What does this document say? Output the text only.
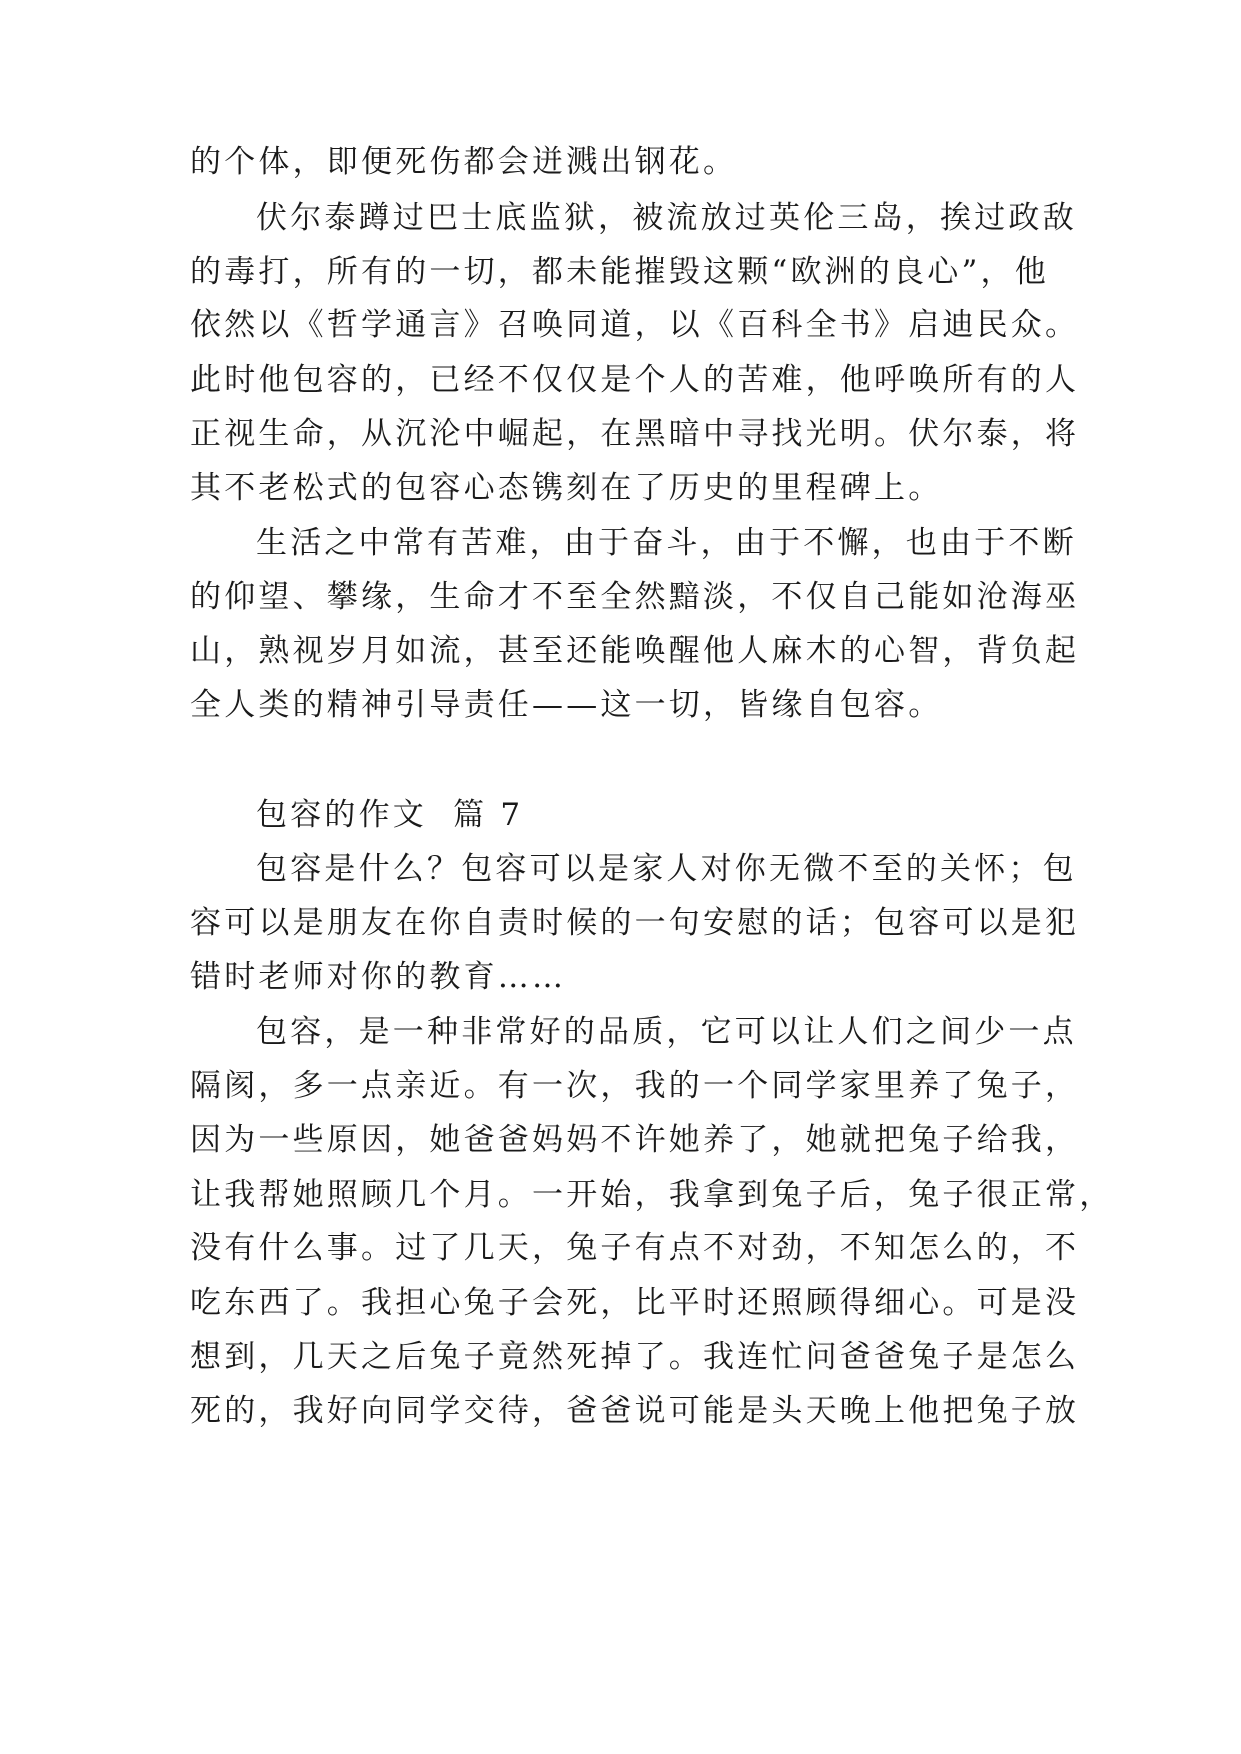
的个体，即便死伤都会迸溅出钢花。
伏尔泰蹲过巴士底监狱，被流放过英伦三岛，挨过政敌
的毒打，所有的一切，都未能摧毁这颗“欧洲的良心”，他
依然以《哲学通言》召唤同道，以《百科全书》启迪民众。
此时他包容的，已经不仅仅是个人的苦难，他呼唤所有的人
正视生命，从沉沦中崛起，在黑暗中寻找光明。伏尔泰，将
其不老松式的包容心态镌刻在了历史的里程碑上。
生活之中常有苦难，由于奋斗，由于不懈，也由于不断
的仰望、攀缘，生命才不至全然黯淡，不仅自己能如沧海巫
山，熟视岁月如流，甚至还能唤醒他人麻木的心智，背负起
全人类的精神引导责任——这一切，皆缘自包容。
包容的作文  篇 7
包容是什么？包容可以是家人对你无微不至的关怀；包
容可以是朋友在你自责时候的一句安慰的话；包容可以是犯
错时老师对你的教育……
包容，是一种非常好的品质，它可以让人们之间少一点
隔阂，多一点亲近。有一次，我的一个同学家里养了兔子，
因为一些原因，她爸爸妈妈不许她养了，她就把兔子给我，
让我帮她照顾几个月。一开始，我拿到兔子后，兔子很正常，
没有什么事。过了几天，兔子有点不对劲，不知怎么的，不
吃东西了。我担心兔子会死，比平时还照顾得细心。可是没
想到，几天之后兔子竟然死掉了。我连忙问爸爸兔子是怎么
死的，我好向同学交待，爸爸说可能是头天晚上他把兔子放
